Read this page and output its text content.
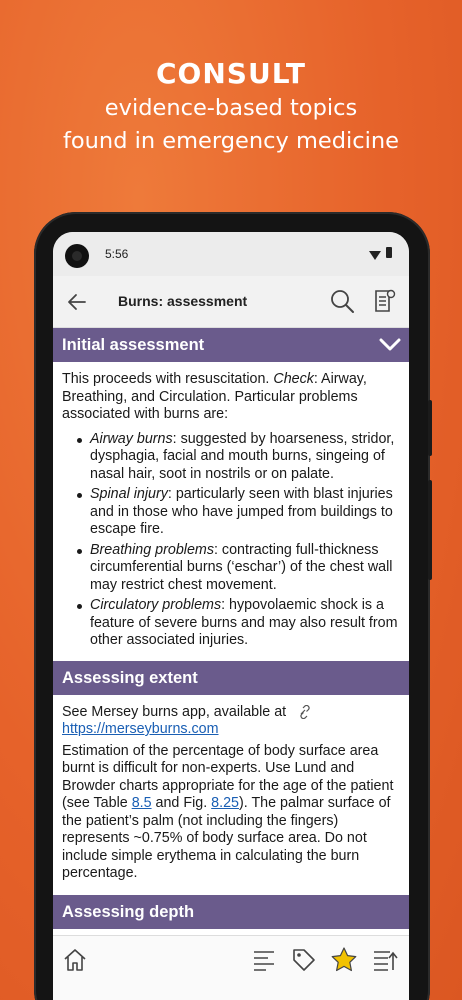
CONSULT
evidence-based topics
found in emergency medicine
5:56
Burns: assessment
Initial assessment

This proceeds with resuscitation. Check: Airway, Breathing, and Circulation. Particular problems associated with burns are:

Airway burns: suggested by hoarseness, stridor, dysphagia, facial and mouth burns, singeing of nasal hair, soot in nostrils or on palate.
Spinal injury: particularly seen with blast injuries and in those who have jumped from buildings to escape fire.
Breathing problems: contracting full-thickness circumferential burns (‘eschar’) of the chest wall may restrict chest movement.
Circulatory problems: hypovolaemic shock is a feature of severe burns and may also result from other associated injuries.
Assessing extent

See Mersey burns app, available at
https://merseyburns.com

Estimation of the percentage of body surface area burnt is difficult for non-experts. Use Lund and Browder charts appropriate for the age of the patient (see Table 8.5 and Fig. 8.25). The palmar surface of the patient’s palm (not including the fingers) represents ~0.75% of body surface area. Do not include simple erythema in calculating the burn percentage.

Assessing depth
